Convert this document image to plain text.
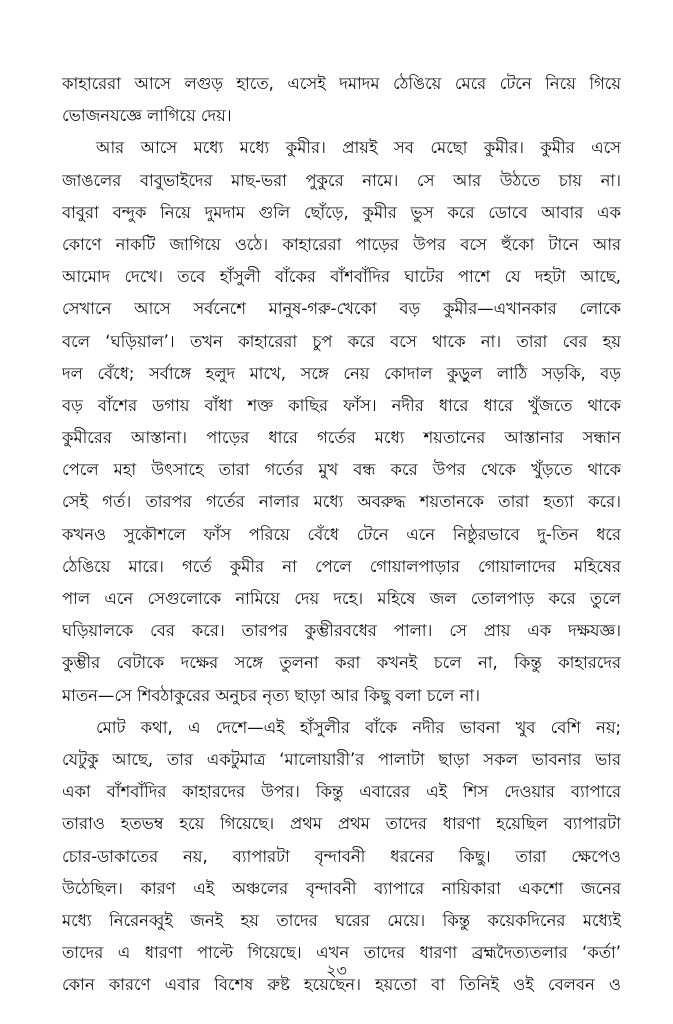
কাহারেরা আসে লগুড় হাতে, এসেই দমাদম ঠেঙিয়ে মেরে টেনে নিয়ে গিয়ে
ভোজনযজ্ঞে লাগিয়ে দেয়।
আর আসে মধ্যে মধ্যে কুমীর। প্রায়ই সব মেছো কুমীর। কুমীর এসে
জাঙলের বাবুভাইদের মাছ-ভরা পুকুরে নামে। সে আর উঠতে চায় না।
বাবুরা বন্দুক নিয়ে দুমদাম গুলি ছোঁড়ে, কুমীর ভুস করে ডোবে আবার এক
কোণে নাকটি জাগিয়ে ওঠে। কাহারেরা পাড়ের উপর বসে হুঁকো টানে আর
আমোদ দেখে। তবে হাঁসুলী বাঁকের বাঁশবাঁদির ঘাটের পাশে যে দহটা আছে,
সেখানে আসে সর্বনেশে মানুষ-গরু-খেকো বড় কুমীর—এখানকার লোকে
বলে ‘ঘড়িয়াল’। তখন কাহারেরা চুপ করে বসে থাকে না। তারা বের হয়
দল বেঁধে; সর্বাঙ্গে হলুদ মাখে, সঙ্গে নেয় কোদাল কুড়ুল লাঠি সড়কি, বড়
বড় বাঁশের ডগায় বাঁধা শক্ত কাছির ফাঁস। নদীর ধারে ধারে খুঁজতে থাকে
কুমীরের আস্তানা। পাড়ের ধারে গর্তের মধ্যে শয়তানের আস্তানার সন্ধান
পেলে মহা উৎসাহে তারা গর্তের মুখ বন্ধ করে উপর থেকে খুঁড়তে থাকে
সেই গর্ত। তারপর গর্তের নালার মধ্যে অবরুদ্ধ শয়তানকে তারা হত্যা করে।
কখনও সুকৌশলে ফাঁস পরিয়ে বেঁধে টেনে এনে নিষ্ঠুরভাবে দু-তিন ধরে
ঠেঙিয়ে মারে। গর্তে কুমীর না পেলে গোয়ালপাড়ার গোয়ালাদের মহিষের
পাল এনে সেগুলোকে নামিয়ে দেয় দহে। মহিষে জল তোলপাড় করে তুলে
ঘড়িয়ালকে বের করে। তারপর কুম্ভীরবধের পালা। সে প্রায় এক দক্ষযজ্ঞ।
কুম্ভীর বেটাকে দক্ষের সঙ্গে তুলনা করা কখনই চলে না, কিন্তু কাহারদের
মাতন—সে শিবঠাকুরের অনুচর নৃত্য ছাড়া আর কিছু বলা চলে না।
মোট কথা, এ দেশে—এই হাঁসুলীর বাঁকে নদীর ভাবনা খুব বেশি নয়;
যেটুকু আছে, তার একটুমাত্র ‘মালোয়ারী’র পালাটা ছাড়া সকল ভাবনার ভার
একা বাঁশবাঁদির কাহারদের উপর। কিন্তু এবারের এই শিস দেওয়ার ব্যাপারে
তারাও হতভম্ব হয়ে গিয়েছে। প্রথম প্রথম তাদের ধারণা হয়েছিল ব্যাপারটা
চোর-ডাকাতের নয়, ব্যাপারটা বৃন্দাবনী ধরনের কিছু। তারা ক্ষেপেও
উঠেছিল। কারণ এই অঞ্চলের বৃন্দাবনী ব্যাপারে নায়িকারা একশো জনের
মধ্যে নিরেনব্বুই জনই হয় তাদের ঘরের মেয়ে। কিন্তু কয়েকদিনের মধ্যেই
তাদের এ ধারণা পাল্টে গিয়েছে। এখন তাদের ধারণা ব্রহ্মদৈত্যতলার ‘কর্তা’
কোন কারণে এবার বিশেষ রুষ্ট হয়েছেন। হয়তো বা তিনিই ওই বেলবন ও
২৩
